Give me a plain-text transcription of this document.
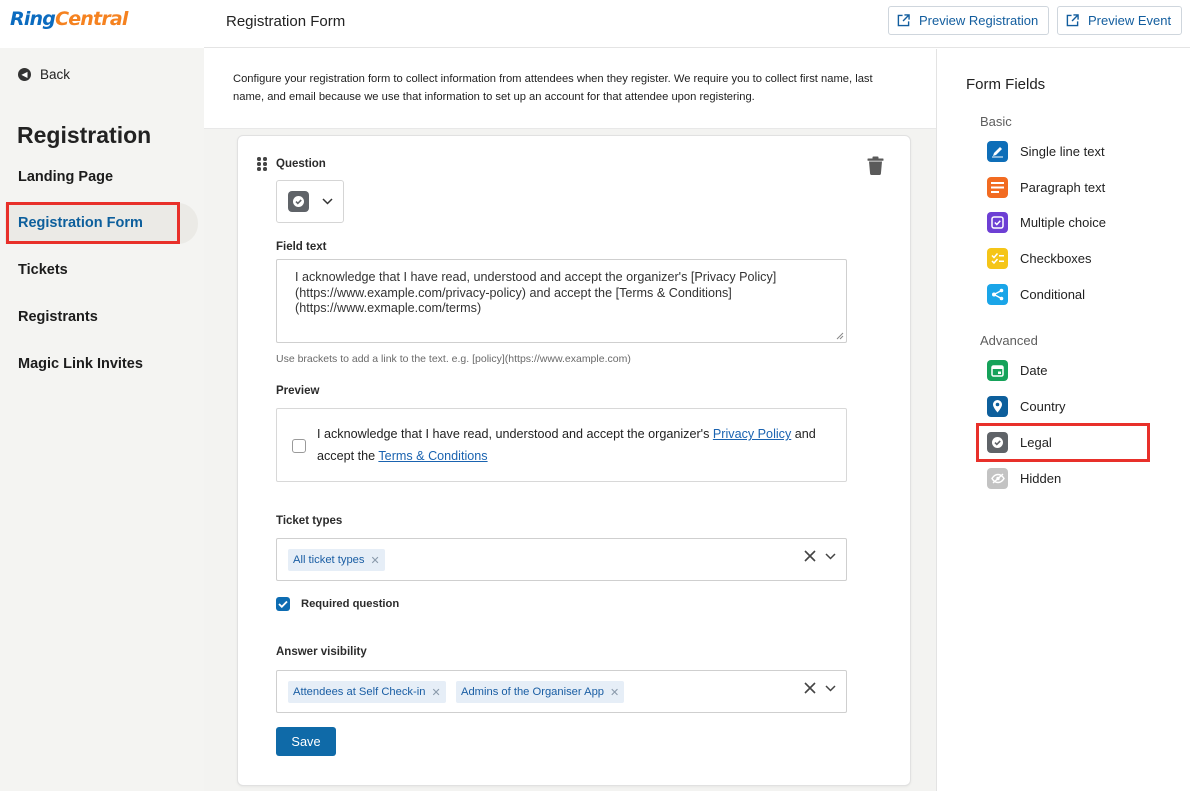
RingCentral
◀ Back
Registration
Landing Page
Registration Form
Tickets
Registrants
Magic Link Invites
Registration Form	Preview Registration	Preview Event
Configure your registration form to collect information from attendees when they register. We require you to collect first name, last name, and email because we use that information to set up an account for that attendee upon registering.
Question
Field text
I acknowledge that I have read, understood and accept the organizer's [Privacy Policy](https://www.example.com/privacy-policy) and accept the [Terms & Conditions](https://www.exmaple.com/terms)
Use brackets to add a link to the text. e.g. [policy](https://www.example.com)
Preview
I acknowledge that I have read, understood and accept the organizer's Privacy Policy and accept the Terms & Conditions
Ticket types
All ticket types ✕
Required question
Answer visibility
Attendees at Self Check-in ✕ Admins of the Organiser App ✕
Save
Form Fields
Basic
Single line text
Paragraph text
Multiple choice
Checkboxes
Conditional
Advanced
Date
Country
Legal
Hidden
